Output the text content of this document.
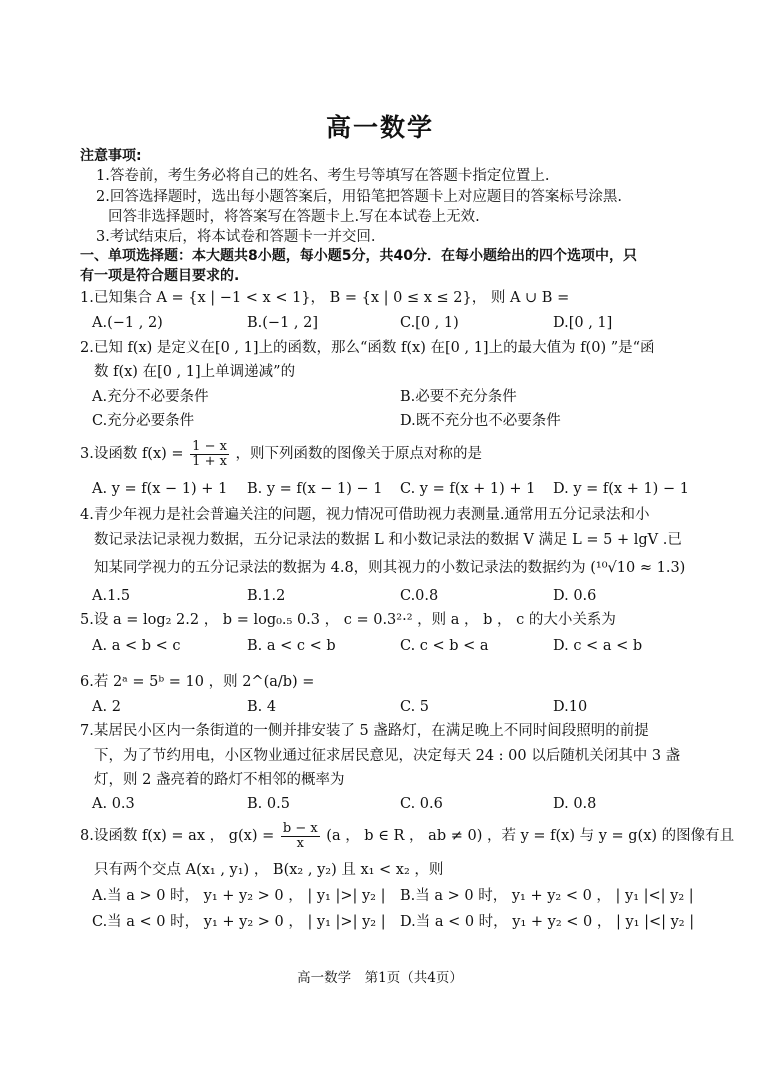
高一数学
注意事项:
1.答卷前，考生务必将自己的姓名、考生号等填写在答题卡指定位置上.
2.回答选择题时，选出每小题答案后，用铅笔把答题卡上对应题目的答案标号涂黑.
回答非选择题时，将答案写在答题卡上.写在本试卷上无效.
3.考试结束后，将本试卷和答题卡一并交回.
一、单项选择题：本大题共8小题，每小题5分，共40分．在每小题给出的四个选项中，只
有一项是符合题目要求的.
1.已知集合 A = {x | −1 < x < 1}， B = {x | 0 ≤ x ≤ 2}， 则 A ∪ B =
A.(−1 , 2)	B.(−1 , 2]	C.[0 , 1)	D.[0 , 1]
2.已知 f(x) 是定义在[0 , 1]上的函数，那么“函数 f(x) 在[0 , 1]上的最大值为 f(0) ”是“函
数 f(x) 在[0 , 1]上单调递减”的
A.充分不必要条件	B.必要不充分条件
C.充分必要条件	D.既不充分也不必要条件
3.设函数 $f(x) = \frac{1 - x}{1 + x}$ ，则下列函数的图像关于原点对称的是
A. y = f(x − 1) + 1 B. y = f(x − 1) − 1 C. y = f(x + 1) + 1 D. y = f(x + 1) − 1
4.青少年视力是社会普遍关注的问题，视力情况可借助视力表测量.通常用五分记录法和小
数记录法记录视力数据，五分记录法的数据 L 和小数记录法的数据 V 满足 L = 5 + lgV .已
知某同学视力的五分记录法的数据为 4.8，则其视力的小数记录法的数据约为 (¹⁰√10 ≈ 1.3)
A.1.5	B.1.2	C.0.8	D. 0.6
5.设 a = log₂ 2.2 ， b = log₀.₅ 0.3 ， c = 0.3²·² ，则 a ， b ， c 的大小关系为
A. a < b < c	B. a < c < b	C. c < b < a	D. c < a < b
6.若 2ᵃ = 5ᵇ = 10 ，则 2^(a/b) =
A. 2	B. 4	C. 5	D.10
7.某居民小区内一条街道的一侧并排安装了 5 盏路灯，在满足晚上不同时间段照明的前提
下，为了节约用电，小区物业通过征求居民意见，决定每天 24 : 00 以后随机关闭其中 3 盏
灯，则 2 盏亮着的路灯不相邻的概率为
A. 0.3	B. 0.5	C. 0.6	D. 0.8
8.设函数 f(x) = ax ， $g(x) = \frac{b - x}{x} (a$ ， b ∈ R ， ab ≠ 0) ，若 y = f(x) 与 y = g(x) 的图像有且
只有两个交点 A(x₁ , y₁) ， B(x₂ , y₂) 且 x₁ < x₂ ，则
A.当 a > 0 时， y₁ + y₂ > 0 ， | y₁ |>| y₂ | B.当 a > 0 时， y₁ + y₂ < 0 ， | y₁ |<| y₂ |
C.当 a < 0 时， y₁ + y₂ > 0 ， | y₁ |>| y₂ | D.当 a < 0 时， y₁ + y₂ < 0 ， | y₁ |<| y₂ |
高一数学　第1页（共4页）
